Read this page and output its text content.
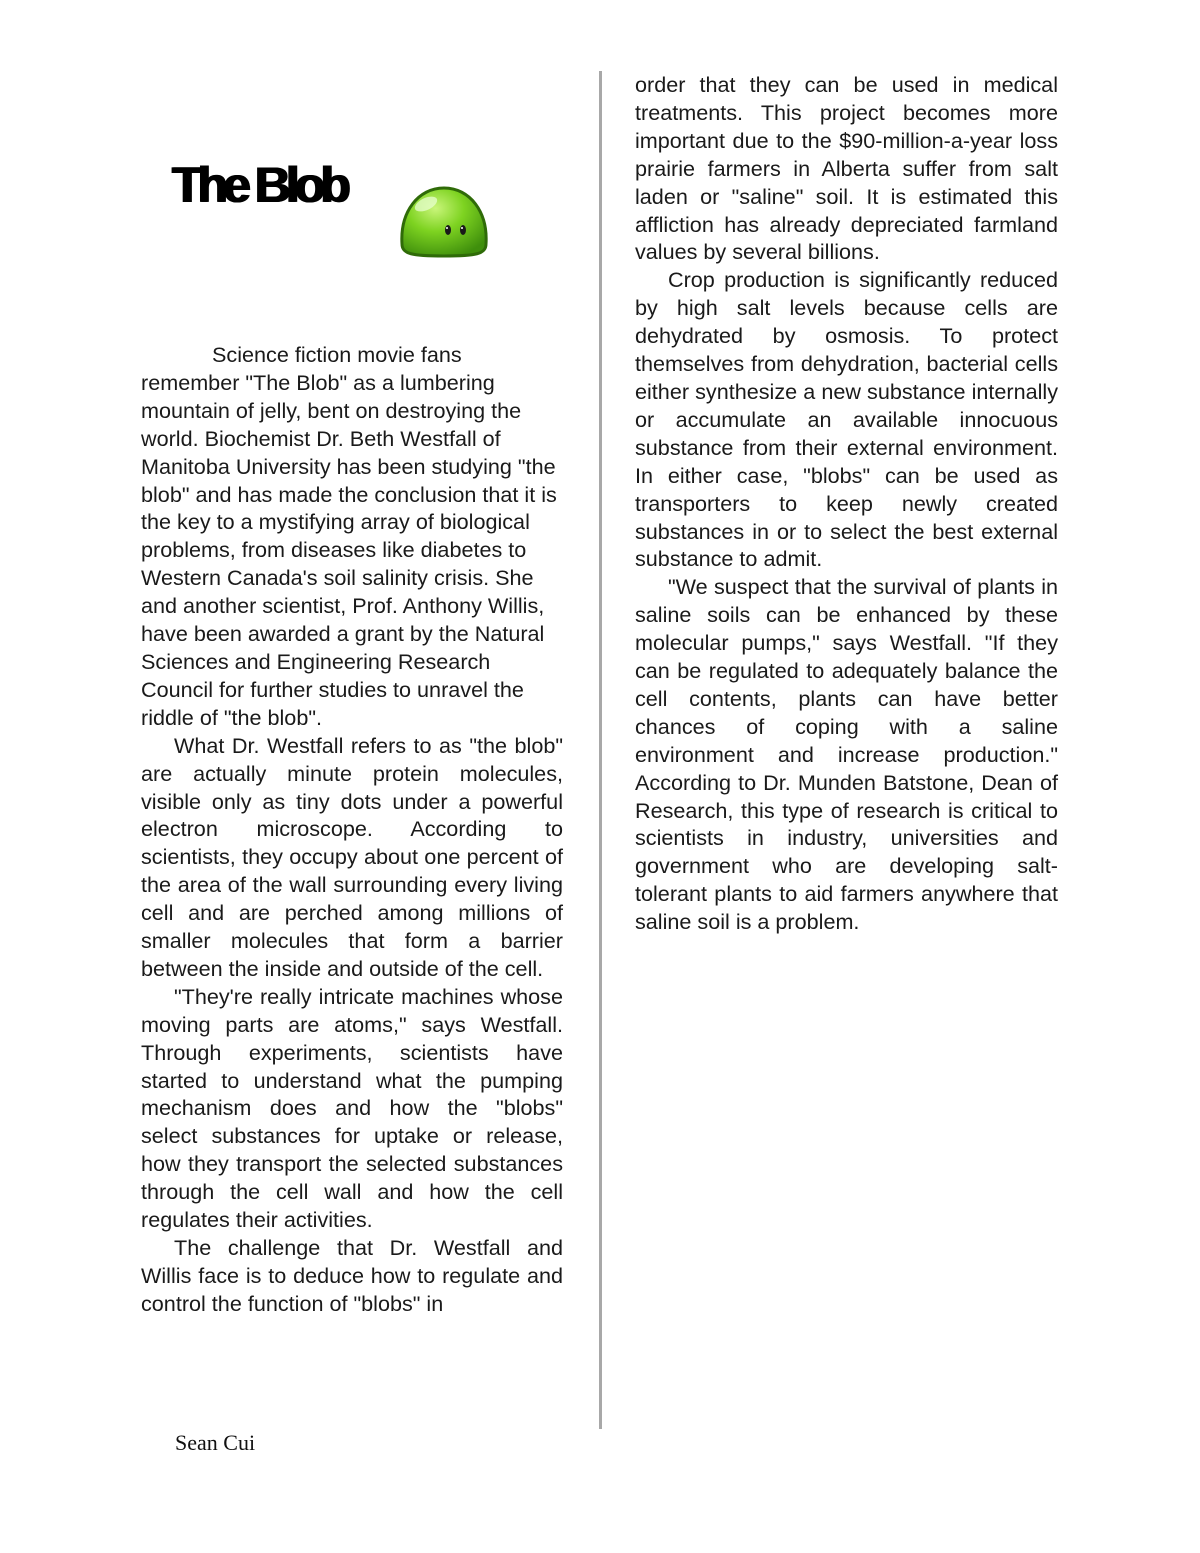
The Blob

Science fiction movie fans remember "The Blob" as a lumbering mountain of jelly, bent on destroying the world. Biochemist Dr. Beth Westfall of Manitoba University has been studying "the blob" and has made the conclusion that it is the key to a mystifying array of biological problems, from diseases like diabetes to Western Canada's soil salinity crisis. She and another scientist, Prof. Anthony Willis, have been awarded a grant by the Natural Sciences and Engineering Research Council for further studies to unravel the riddle of "the blob".

What Dr. Westfall refers to as "the blob" are actually minute protein molecules, visible only as tiny dots under a powerful electron microscope. According to scientists, they occupy about one percent of the area of the wall surrounding every living cell and are perched among millions of smaller molecules that form a barrier between the inside and outside of the cell.

"They're really intricate machines whose moving parts are atoms," says Westfall. Through experiments, scientists have started to understand what the pumping mechanism does and how the "blobs" select substances for uptake or release, how they transport the selected substances through the cell wall and how the cell regulates their activities.

The challenge that Dr. Westfall and Willis face is to deduce how to regulate and control the function of "blobs" in

order that they can be used in medical treatments. This project becomes more important due to the $90-million-a-year loss prairie farmers in Alberta suffer from salt laden or "saline" soil. It is estimated this affliction has already depreciated farmland values by several billions.

Crop production is significantly reduced by high salt levels because cells are dehydrated by osmosis. To protect themselves from dehydration, bacterial cells either synthesize a new substance internally or accumulate an available innocuous substance from their external environment. In either case, "blobs" can be used as transporters to keep newly created substances in or to select the best external substance to admit.

"We suspect that the survival of plants in saline soils can be enhanced by these molecular pumps," says Westfall. "If they can be regulated to adequately balance the cell contents, plants can have better chances of coping with a saline environment and increase production." According to Dr. Munden Batstone, Dean of Research, this type of research is critical to scientists in industry, universities and government who are developing salt-tolerant plants to aid farmers anywhere that saline soil is a problem.

Sean Cui
